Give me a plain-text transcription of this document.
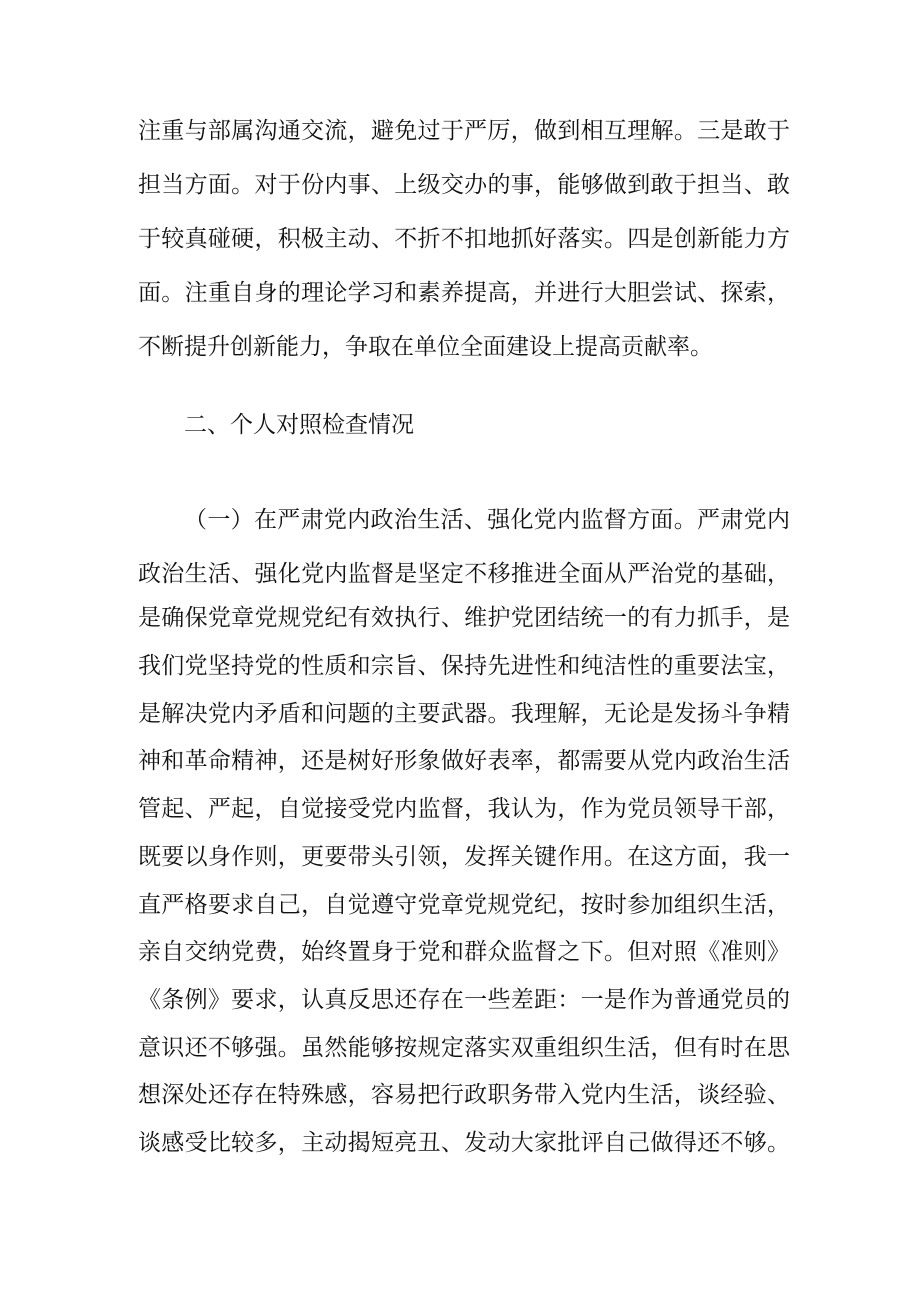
注重与部属沟通交流，避免过于严厉，做到相互理解。三是敢于
担当方面。对于份内事、上级交办的事，能够做到敢于担当、敢
于较真碰硬，积极主动、不折不扣地抓好落实。四是创新能力方
面。注重自身的理论学习和素养提高，并进行大胆尝试、探索，
不断提升创新能力，争取在单位全面建设上提高贡献率。
二、个人对照检查情况
（一）在严肃党内政治生活、强化党内监督方面。严肃党内
政治生活、强化党内监督是坚定不移推进全面从严治党的基础，
是确保党章党规党纪有效执行、维护党团结统一的有力抓手，是
我们党坚持党的性质和宗旨、保持先进性和纯洁性的重要法宝，
是解决党内矛盾和问题的主要武器。我理解，无论是发扬斗争精
神和革命精神，还是树好形象做好表率，都需要从党内政治生活
管起、严起，自觉接受党内监督，我认为，作为党员领导干部，
既要以身作则，更要带头引领，发挥关键作用。在这方面，我一
直严格要求自己，自觉遵守党章党规党纪，按时参加组织生活，
亲自交纳党费，始终置身于党和群众监督之下。但对照《准则》
《条例》要求，认真反思还存在一些差距：一是作为普通党员的
意识还不够强。虽然能够按规定落实双重组织生活，但有时在思
想深处还存在特殊感，容易把行政职务带入党内生活，谈经验、
谈感受比较多，主动揭短亮丑、发动大家批评自己做得还不够。
